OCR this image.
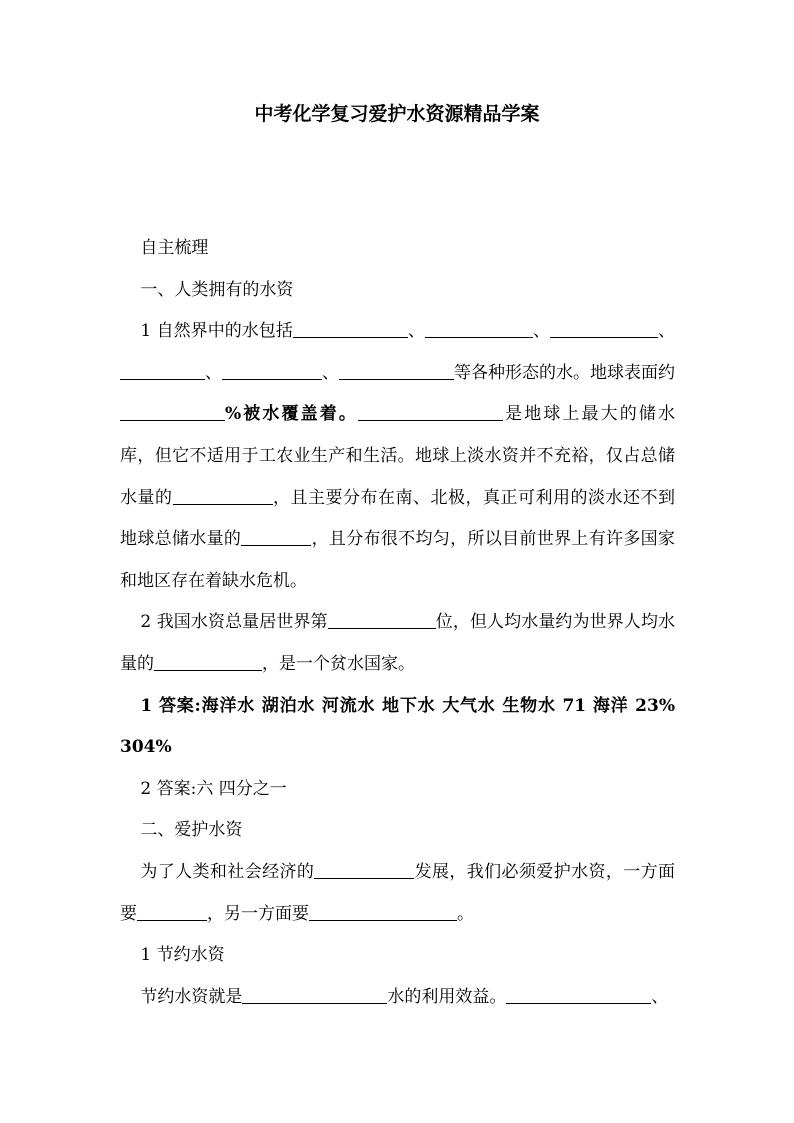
中考化学复习爱护水资源精品学案

自主梳理

一、人类拥有的水资

1 自然界中的水包括	、	、	、、	、	等各种形态的水。地球表面约%被水覆盖着。	是地球上最大的储水库，但它不适用于工农业生产和生活。地球上淡水资并不充裕，仅占总储水量的	，且主要分布在南、北极，真正可利用的淡水还不到地球总储水量的	，且分布很不均匀，所以目前世界上有许多国家和地区存在着缺水危机。

2 我国水资总量居世界第	位，但人均水量约为世界人均水量的	，是一个贫水国家。

1 答案:海洋水 湖泊水 河流水 地下水 大气水 生物水 71 海洋 23% 304%

2 答案:六 四分之一

二、爱护水资

为了人类和社会经济的	发展，我们必须爱护水资，一方面要	，另一方面要	。

1 节约水资

节约水资就是	水的利用效益。	、
